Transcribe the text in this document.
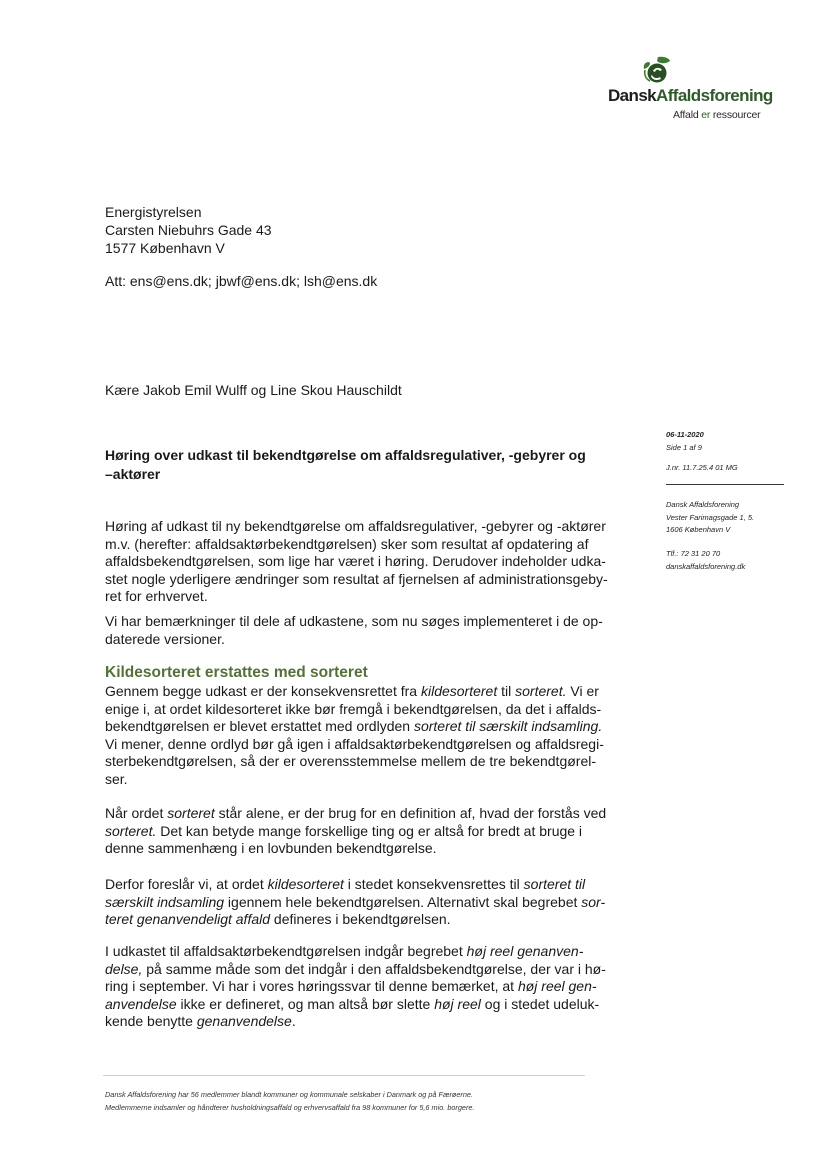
DanskAffaldsforening
Affald er ressourcer
Energistyrelsen
Carsten Niebuhrs Gade 43
1577 København V
Att: ens@ens.dk; jbwf@ens.dk; lsh@ens.dk
Kære Jakob Emil Wulff og Line Skou Hauschildt
06-11-2020
Side 1 af 9
J.nr. 11.7.25.4 01 MG
Dansk Affaldsforening
Vester Farimagsgade 1, 5.
1606 København V
Tlf.: 72 31 20 70
danskaffaldsforening.dk
Høring over udkast til bekendtgørelse om affaldsregulativer, -gebyrer og –aktører
Høring af udkast til ny bekendtgørelse om affaldsregulativer, -gebyrer og -aktører
m.v. (herefter: affaldsaktørbekendtgørelsen) sker som resultat af opdatering af
affaldsbekendtgørelsen, som lige har været i høring. Derudover indeholder udka-
stet nogle yderligere ændringer som resultat af fjernelsen af administrationsgeby-
ret for erhvervet.
Vi har bemærkninger til dele af udkastene, som nu søges implementeret i de op-
daterede versioner.
Kildesorteret erstattes med sorteret
Gennem begge udkast er der konsekvensrettet fra kildesorteret til sorteret. Vi er
enige i, at ordet kildesorteret ikke bør fremgå i bekendtgørelsen, da det i affalds-
bekendtgørelsen er blevet erstattet med ordlyden sorteret til særskilt indsamling.
Vi mener, denne ordlyd bør gå igen i affaldsaktørbekendtgørelsen og affaldsregi-
sterbekendtgørelsen, så der er overensstemmelse mellem de tre bekendtgørel-
ser.
Når ordet sorteret står alene, er der brug for en definition af, hvad der forstås ved
sorteret. Det kan betyde mange forskellige ting og er altså for bredt at bruge i
denne sammenhæng i en lovbunden bekendtgørelse.
Derfor foreslår vi, at ordet kildesorteret i stedet konsekvensrettes til sorteret til
særskilt indsamling igennem hele bekendtgørelsen. Alternativt skal begrebet sor-
teret genanvendeligt affald defineres i bekendtgørelsen.
I udkastet til affaldsaktørbekendtgørelsen indgår begrebet høj reel genanven-
delse, på samme måde som det indgår i den affaldsbekendtgørelse, der var i hø-
ring i september. Vi har i vores høringssvar til denne bemærket, at høj reel gen-
anvendelse ikke er defineret, og man altså bør slette høj reel og i stedet udeluk-
kende benytte genanvendelse.
Dansk Affaldsforening har 56 medlemmer blandt kommuner og kommunale selskaber i Danmark og på Færøerne.
Medlemmerne indsamler og håndterer husholdningsaffald og erhvervsaffald fra 98 kommuner for 5,6 mio. borgere.
